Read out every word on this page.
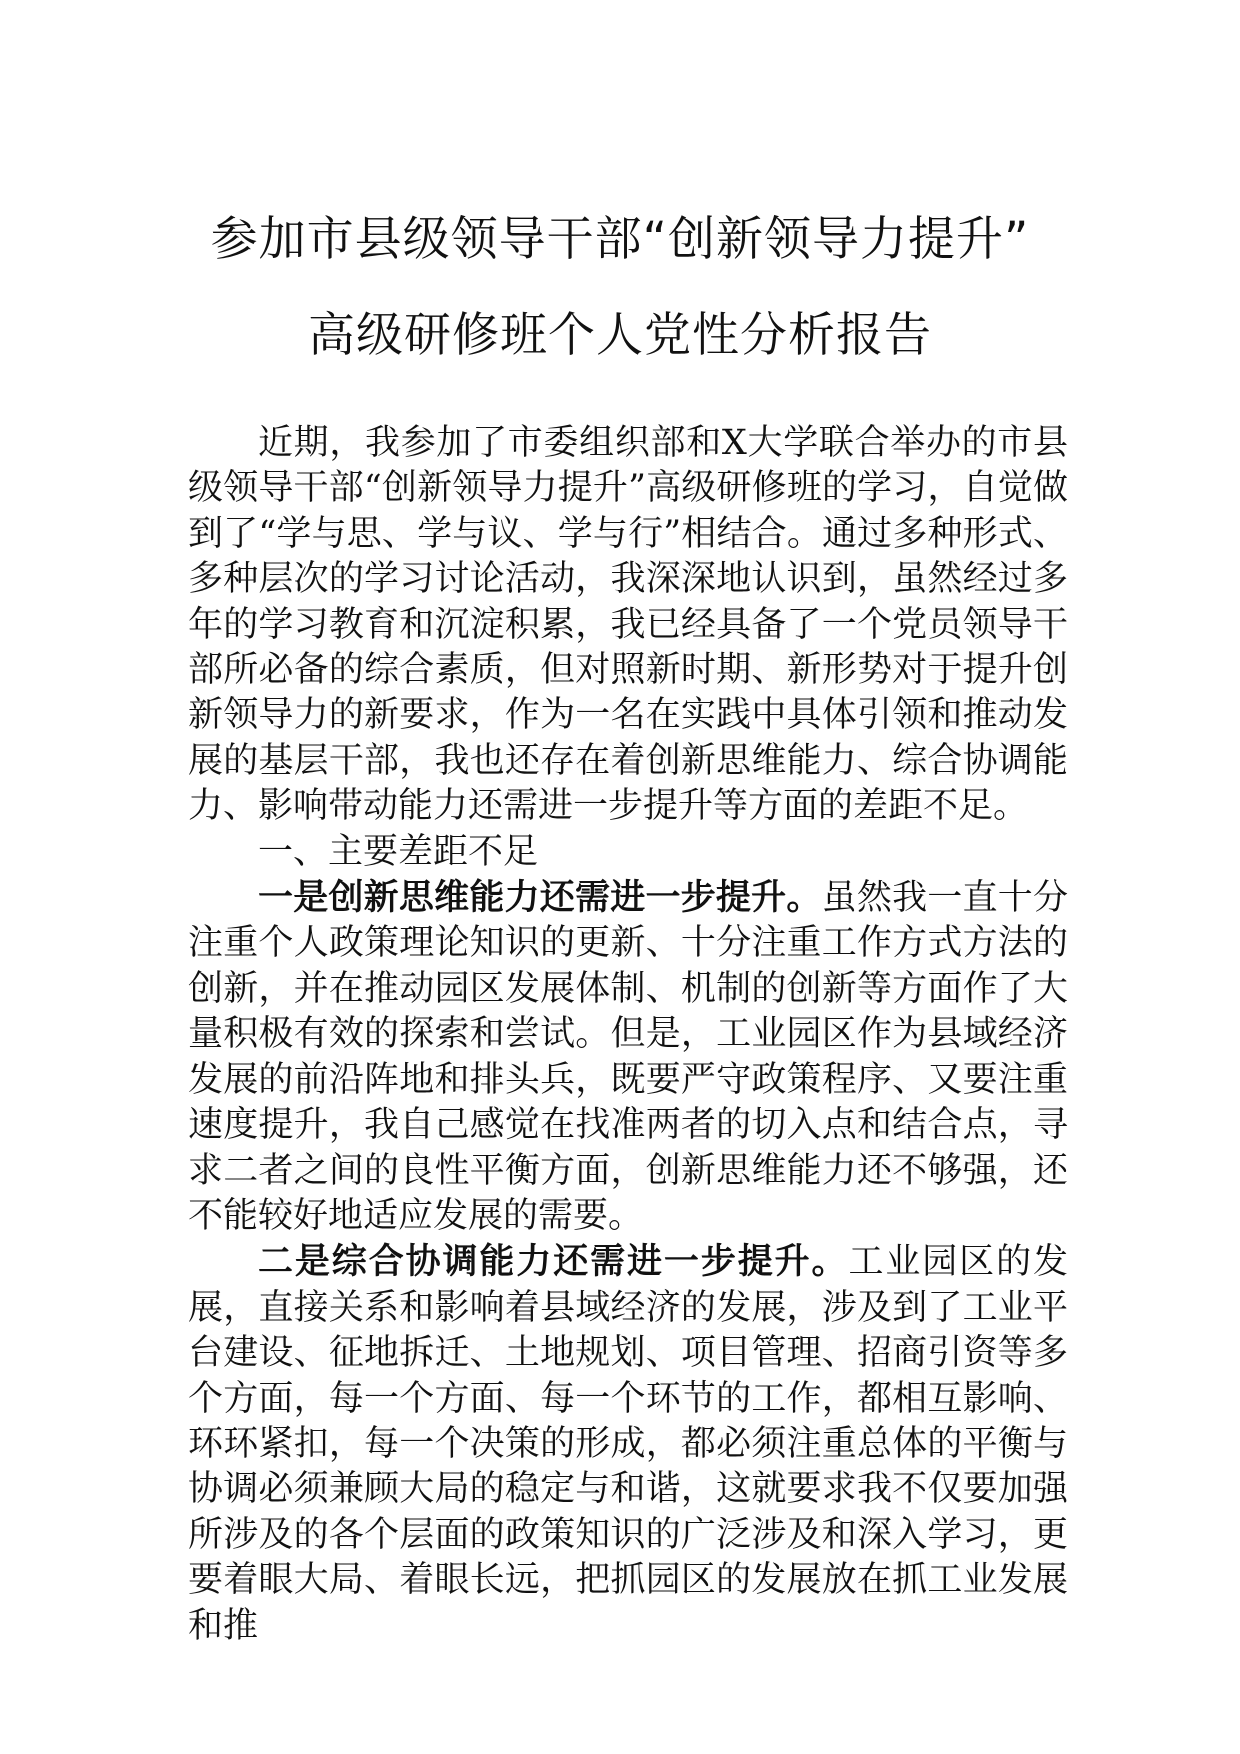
参加市县级领导干部“创新领导力提升”
高级研修班个人党性分析报告

近期，我参加了市委组织部和X大学联合举办的市县级领导干部“创新领导力提升”高级研修班的学习，自觉做到了“学与思、学与议、学与行”相结合。通过多种形式、多种层次的学习讨论活动，我深深地认识到，虽然经过多年的学习教育和沉淀积累，我已经具备了一个党员领导干部所必备的综合素质，但对照新时期、新形势对于提升创新领导力的新要求，作为一名在实践中具体引领和推动发展的基层干部，我也还存在着创新思维能力、综合协调能力、影响带动能力还需进一步提升等方面的差距不足。

一、主要差距不足

一是创新思维能力还需进一步提升。虽然我一直十分注重个人政策理论知识的更新、十分注重工作方式方法的创新，并在推动园区发展体制、机制的创新等方面作了大量积极有效的探索和尝试。但是，工业园区作为县域经济发展的前沿阵地和排头兵，既要严守政策程序、又要注重速度提升，我自己感觉在找准两者的切入点和结合点，寻求二者之间的良性平衡方面，创新思维能力还不够强，还不能较好地适应发展的需要。

二是综合协调能力还需进一步提升。工业园区的发展，直接关系和影响着县域经济的发展，涉及到了工业平台建设、征地拆迁、土地规划、项目管理、招商引资等多个方面，每一个方面、每一个环节的工作，都相互影响、环环紧扣，每一个决策的形成，都必须注重总体的平衡与协调必须兼顾大局的稳定与和谐，这就要求我不仅要加强所涉及的各个层面的政策知识的广泛涉及和深入学习，更要着眼大局、着眼长远，把抓园区的发展放在抓工业发展和推
